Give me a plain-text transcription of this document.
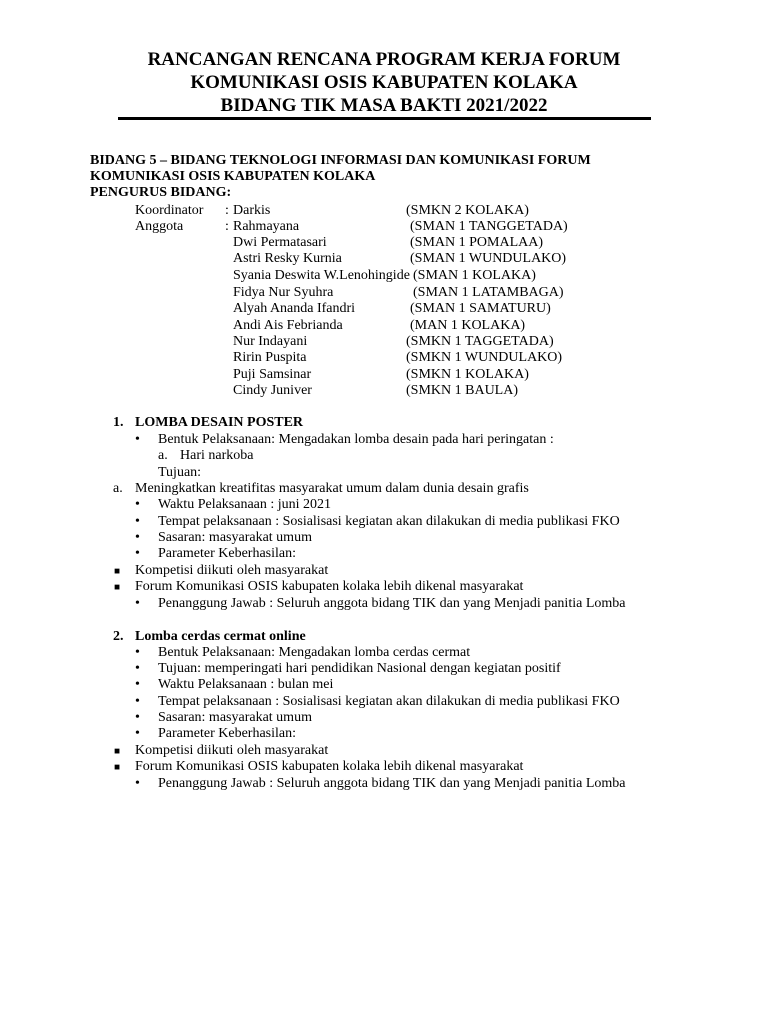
RANCANGAN RENCANA PROGRAM KERJA FORUM
KOMUNIKASI OSIS KABUPATEN KOLAKA
BIDANG TIK MASA BAKTI 2021/2022
BIDANG 5 – BIDANG TEKNOLOGI INFORMASI DAN KOMUNIKASI FORUM
KOMUNIKASI OSIS KABUPATEN KOLAKA
PENGURUS BIDANG:
Koordinator : Darkis	(SMKN 2 KOLAKA)
Anggota	: Rahmayana	(SMAN 1 TANGGETADA)
Dwi Permatasari	(SMAN 1 POMALAA)
Astri Resky Kurnia	(SMAN 1 WUNDULAKO)
Syania Deswita W.Lenohingide (SMAN 1 KOLAKA)
Fidya Nur Syuhra	(SMAN 1 LATAMBAGA)
Alyah Ananda Ifandri	(SMAN 1 SAMATURU)
Andi Ais Febrianda	(MAN 1 KOLAKA)
Nur Indayani	(SMKN 1 TAGGETADA)
Ririn Puspita	(SMKN 1 WUNDULAKO)
Puji Samsinar	(SMKN 1 KOLAKA)
Cindy Juniver	(SMKN 1 BAULA)
1. LOMBA DESAIN POSTER
• Bentuk Pelaksanaan: Mengadakan lomba desain pada hari peringatan :
a. Hari narkoba
Tujuan:
a. Meningkatkan kreatifitas masyarakat umum dalam dunia desain grafis
• Waktu Pelaksanaan : juni 2021
• Tempat pelaksanaan : Sosialisasi kegiatan akan dilakukan di media publikasi FKO
• Sasaran: masyarakat umum
• Parameter Keberhasilan:
■ Kompetisi diikuti oleh masyarakat
■ Forum Komunikasi OSIS kabupaten kolaka lebih dikenal masyarakat
• Penanggung Jawab : Seluruh anggota bidang TIK dan yang Menjadi panitia Lomba
2. Lomba cerdas cermat online
• Bentuk Pelaksanaan: Mengadakan lomba cerdas cermat
• Tujuan: memperingati hari pendidikan Nasional dengan kegiatan positif
• Waktu Pelaksanaan : bulan mei
• Tempat pelaksanaan : Sosialisasi kegiatan akan dilakukan di media publikasi FKO
• Sasaran: masyarakat umum
• Parameter Keberhasilan:
■ Kompetisi diikuti oleh masyarakat
■ Forum Komunikasi OSIS kabupaten kolaka lebih dikenal masyarakat
• Penanggung Jawab : Seluruh anggota bidang TIK dan yang Menjadi panitia Lomba
